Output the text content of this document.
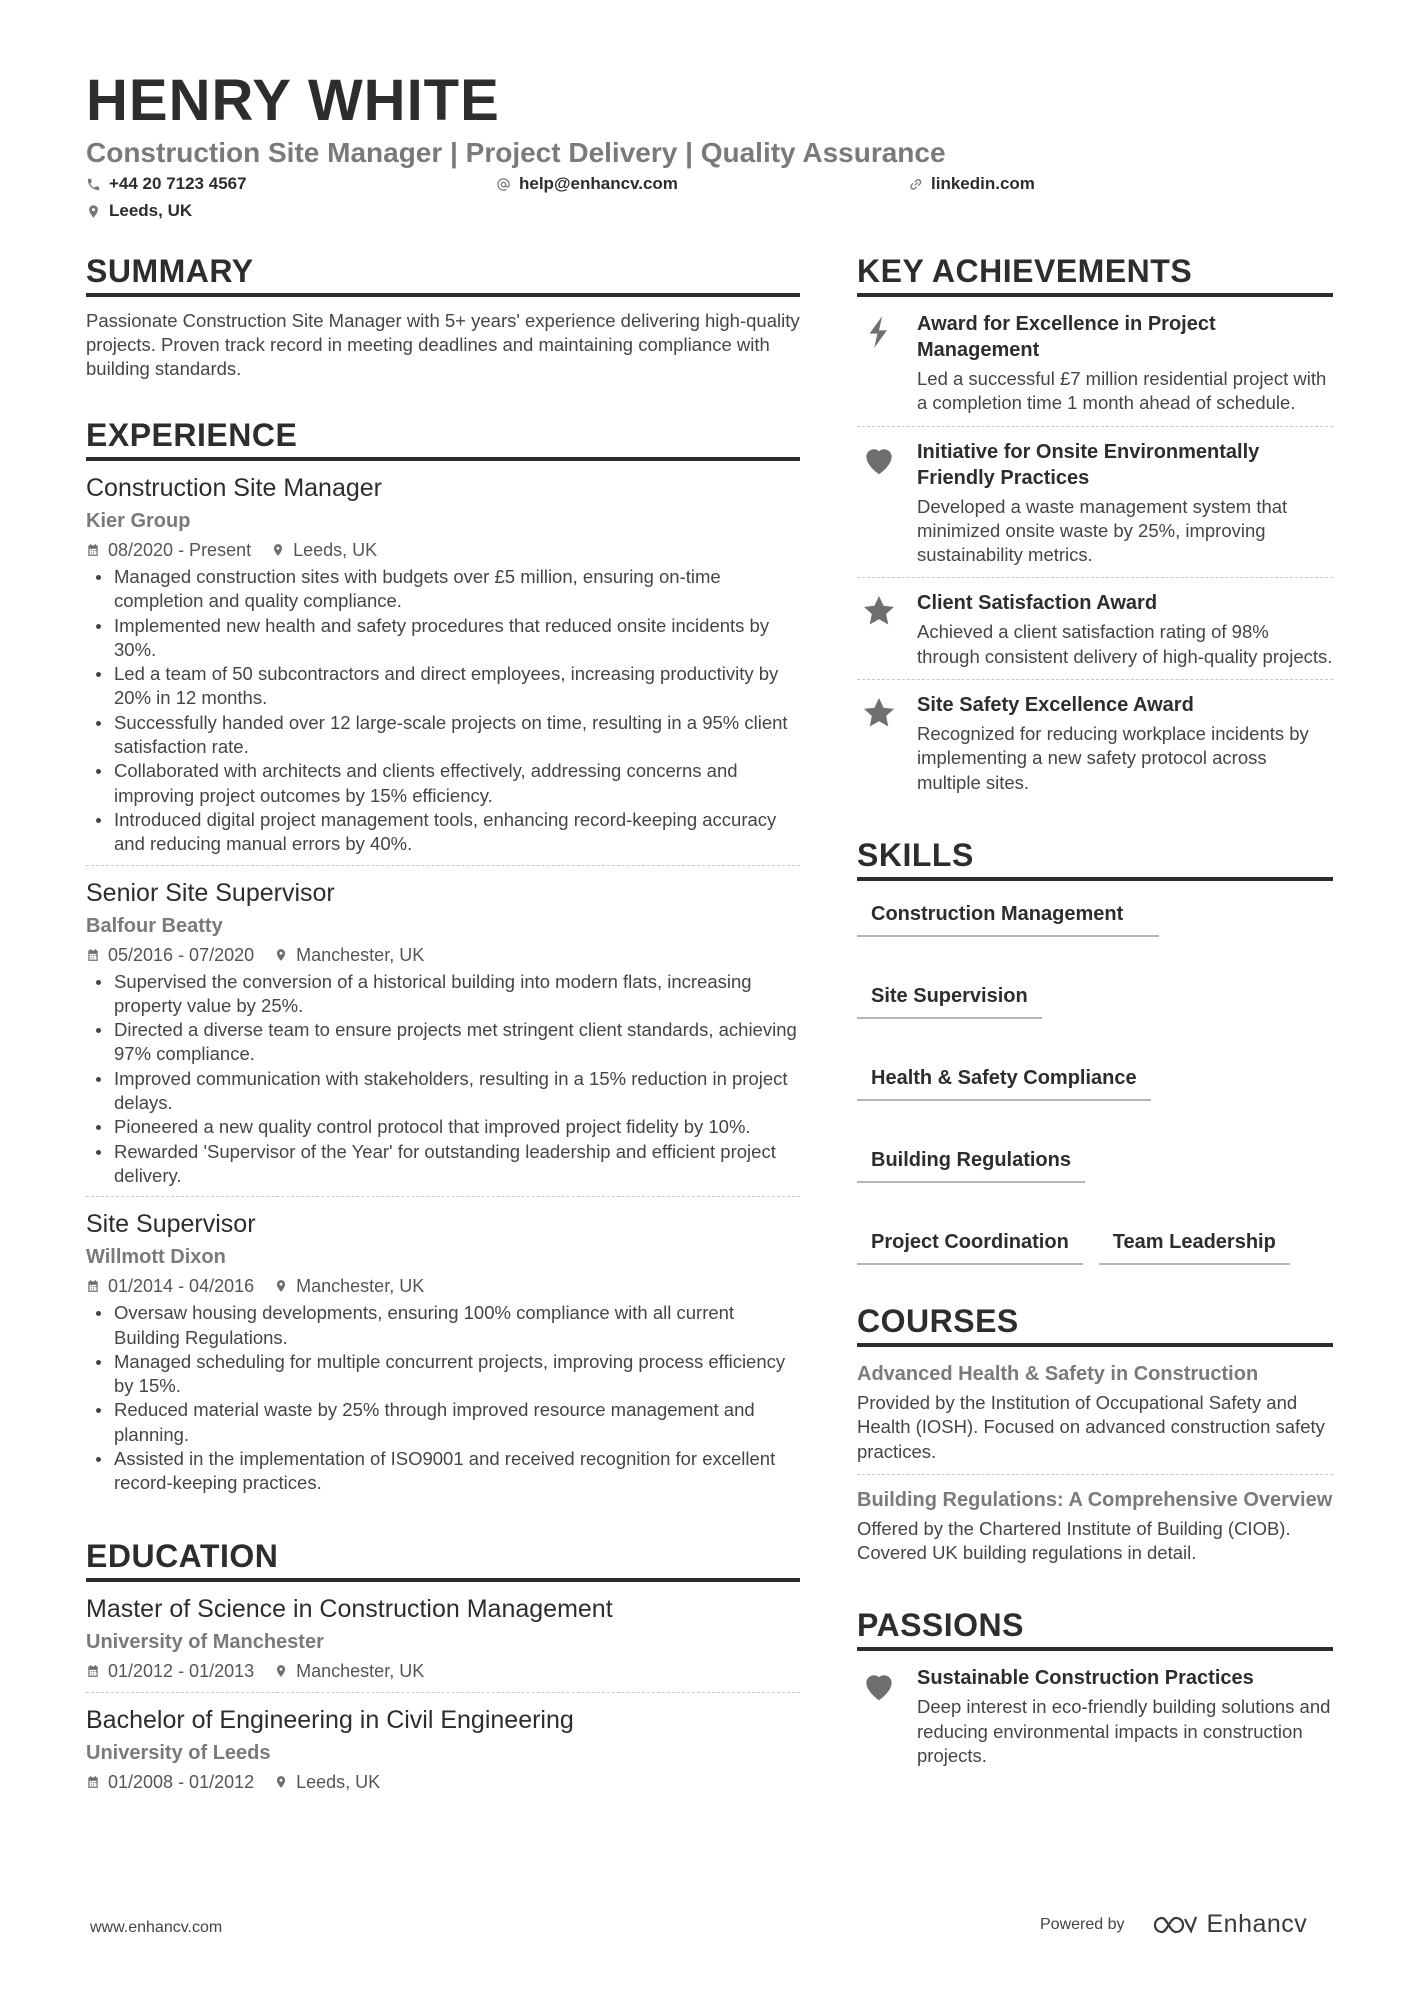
HENRY WHITE
Construction Site Manager | Project Delivery | Quality Assurance
+44 20 7123 4567	help@enhancv.com	linkedin.com
Leeds, UK
SUMMARY
Passionate Construction Site Manager with 5+ years' experience delivering high-quality projects. Proven track record in meeting deadlines and maintaining compliance with building standards.
EXPERIENCE
Construction Site Manager
Kier Group
08/2020 - Present Leeds, UK
Managed construction sites with budgets over £5 million, ensuring on-time completion and quality compliance.
Implemented new health and safety procedures that reduced onsite incidents by 30%.
Led a team of 50 subcontractors and direct employees, increasing productivity by 20% in 12 months.
Successfully handed over 12 large-scale projects on time, resulting in a 95% client satisfaction rate.
Collaborated with architects and clients effectively, addressing concerns and improving project outcomes by 15% efficiency.
Introduced digital project management tools, enhancing record-keeping accuracy and reducing manual errors by 40%.
Senior Site Supervisor
Balfour Beatty
05/2016 - 07/2020 Manchester, UK
Supervised the conversion of a historical building into modern flats, increasing property value by 25%.
Directed a diverse team to ensure projects met stringent client standards, achieving 97% compliance.
Improved communication with stakeholders, resulting in a 15% reduction in project delays.
Pioneered a new quality control protocol that improved project fidelity by 10%.
Rewarded 'Supervisor of the Year' for outstanding leadership and efficient project delivery.
Site Supervisor
Willmott Dixon
01/2014 - 04/2016 Manchester, UK
Oversaw housing developments, ensuring 100% compliance with all current Building Regulations.
Managed scheduling for multiple concurrent projects, improving process efficiency by 15%.
Reduced material waste by 25% through improved resource management and planning.
Assisted in the implementation of ISO9001 and received recognition for excellent record-keeping practices.
EDUCATION
Master of Science in Construction Management
University of Manchester
01/2012 - 01/2013 Manchester, UK
Bachelor of Engineering in Civil Engineering
University of Leeds
01/2008 - 01/2012 Leeds, UK
KEY ACHIEVEMENTS
Award for Excellence in Project Management
Led a successful £7 million residential project with a completion time 1 month ahead of schedule.
Initiative for Onsite Environmentally Friendly Practices
Developed a waste management system that minimized onsite waste by 25%, improving sustainability metrics.
Client Satisfaction Award
Achieved a client satisfaction rating of 98% through consistent delivery of high-quality projects.
Site Safety Excellence Award
Recognized for reducing workplace incidents by implementing a new safety protocol across multiple sites.
SKILLS
Construction Management
Site Supervision
Health & Safety Compliance
Building Regulations
Project Coordination	Team Leadership
COURSES
Advanced Health & Safety in Construction
Provided by the Institution of Occupational Safety and Health (IOSH). Focused on advanced construction safety practices.
Building Regulations: A Comprehensive Overview
Offered by the Chartered Institute of Building (CIOB). Covered UK building regulations in detail.
PASSIONS
Sustainable Construction Practices
Deep interest in eco-friendly building solutions and reducing environmental impacts in construction projects.
www.enhancv.com	Powered by	Enhancv
